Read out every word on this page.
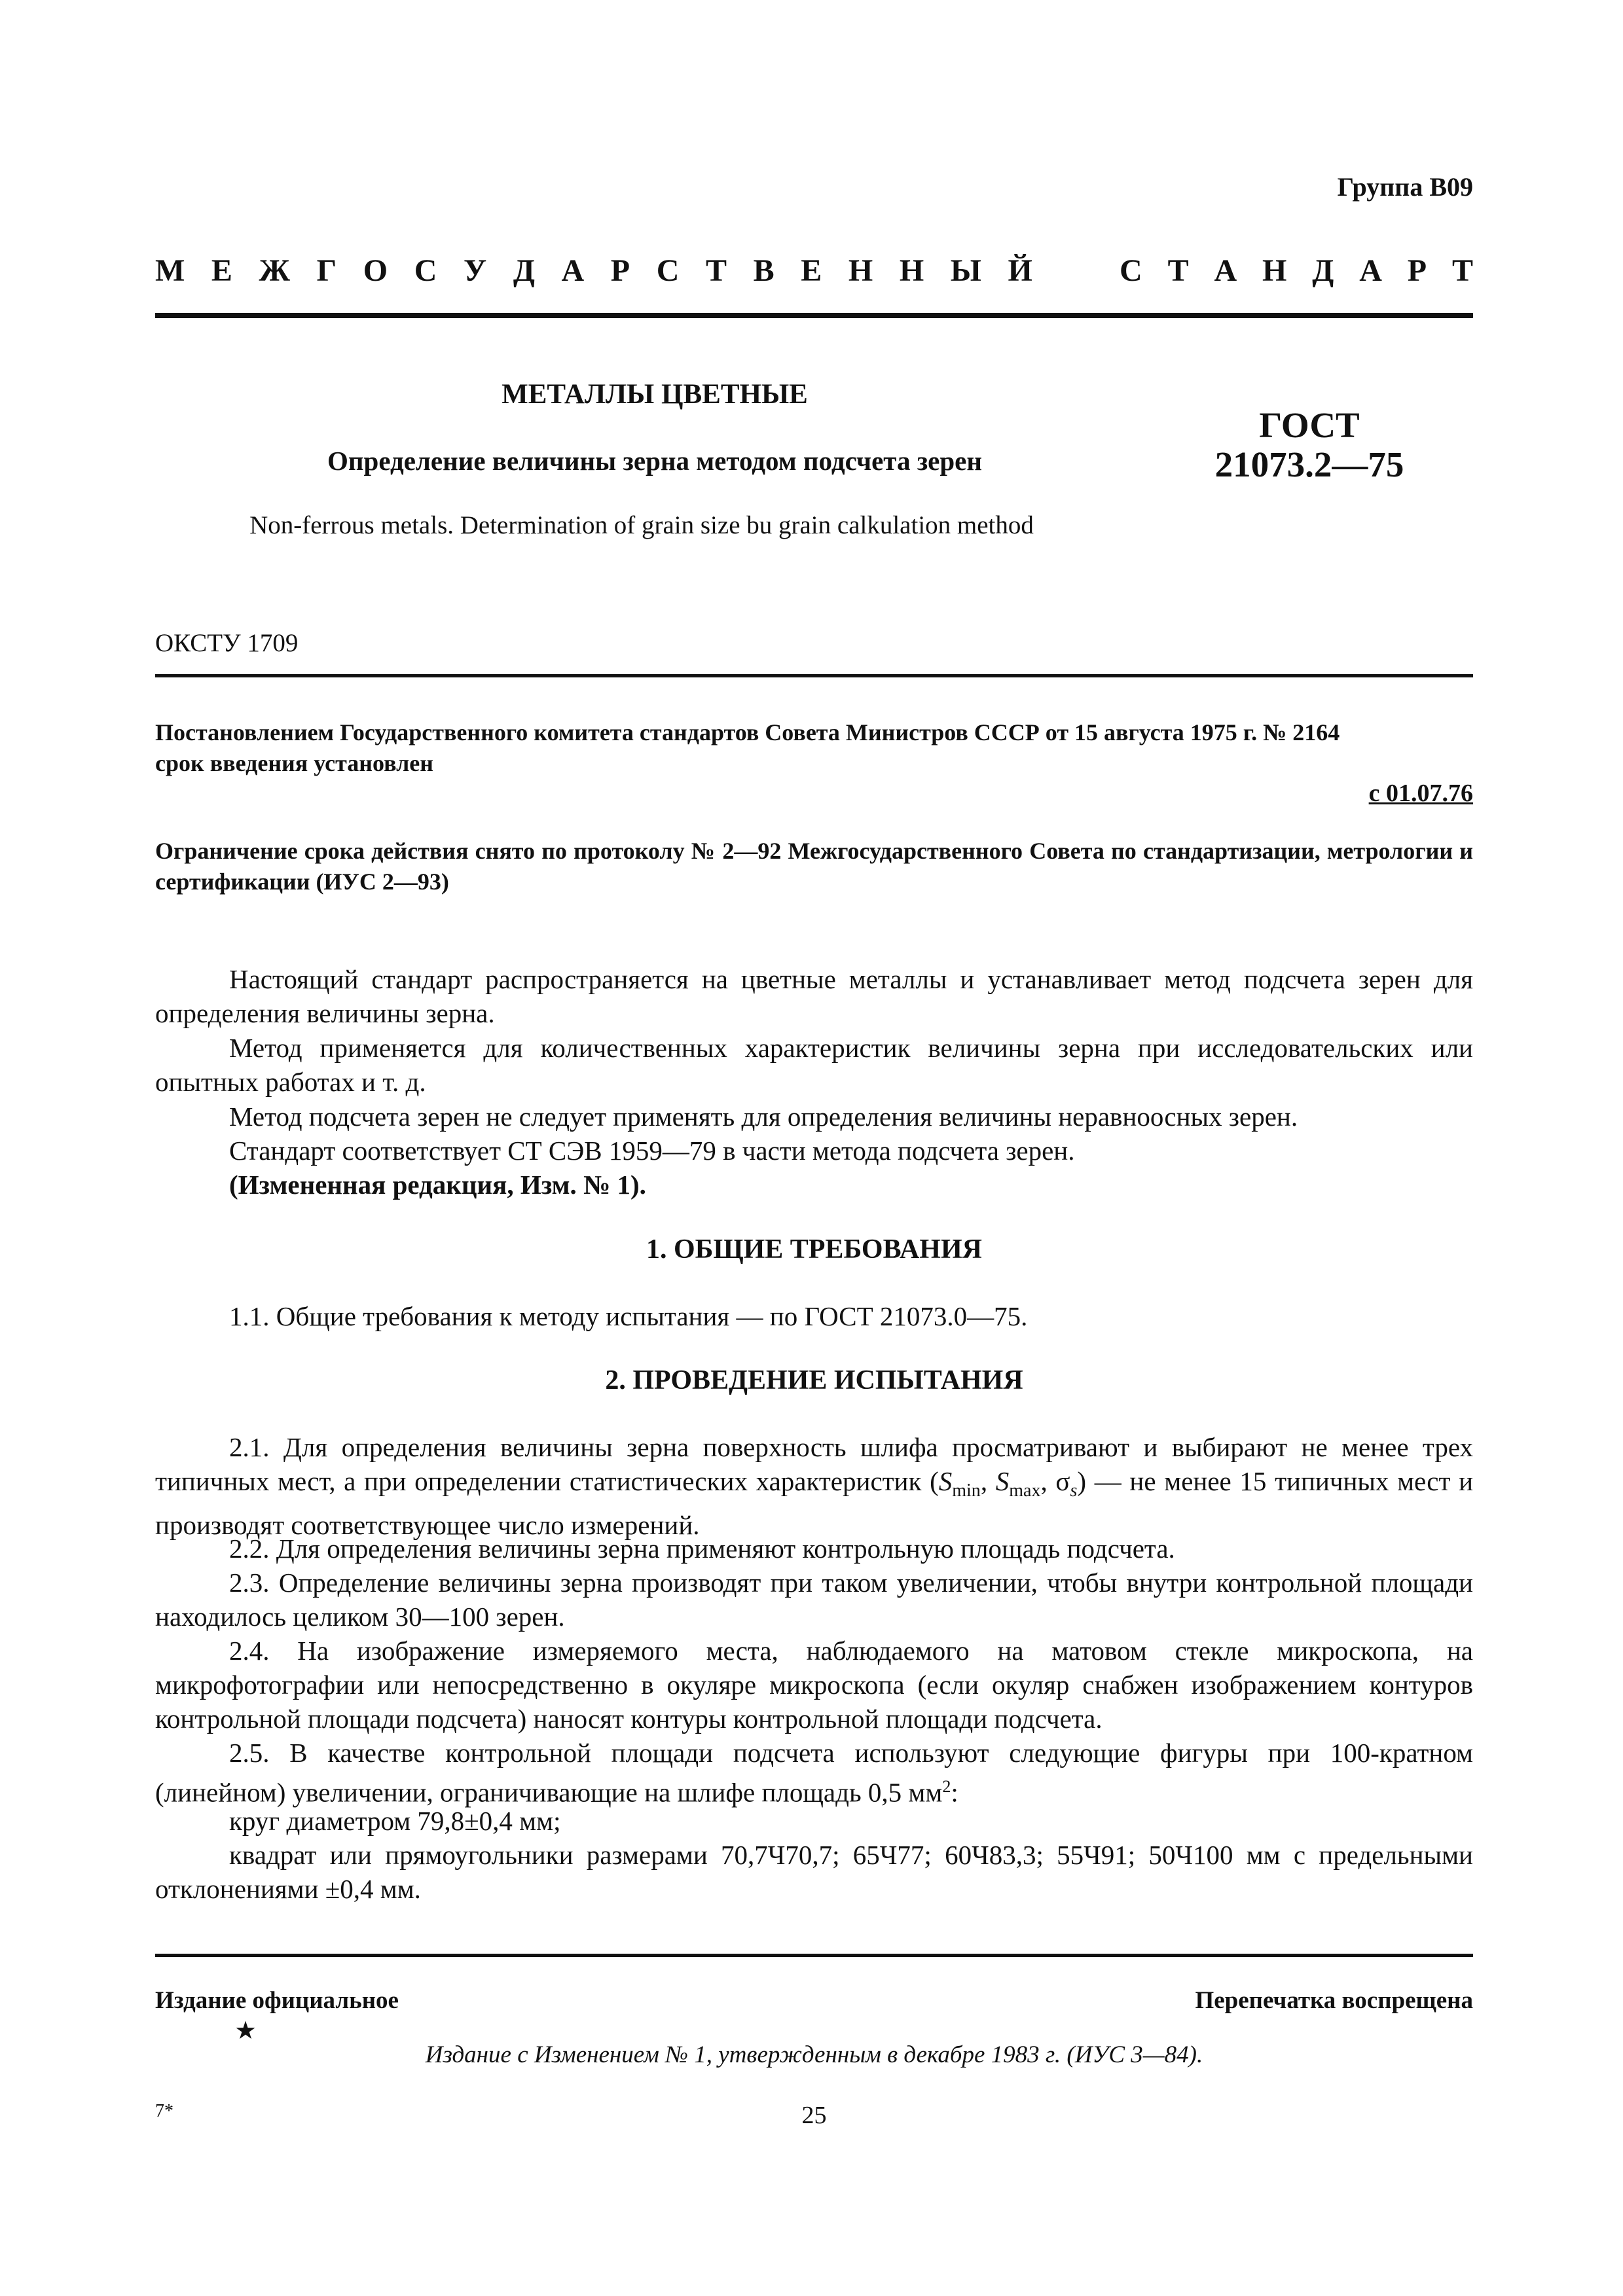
Группа В09
М Е Ж Г О С У Д А Р С Т В Е Н Н Ы Й	С Т А Н Д А Р Т
МЕТАЛЛЫ ЦВЕТНЫЕ
Определение величины зерна методом подсчета зерен
Non-ferrous metals. Determination of grain size bu grain calkulation method
ГОСТ
21073.2—75
ОКСТУ 1709
Постановлением Государственного комитета стандартов Совета Министров СССР от 15 августа 1975 г. № 2164
срок введения установлен
с 01.07.76
Ограничение срока действия снято по протоколу № 2—92 Межгосударственного Совета по стандартизации, метрологии и сертификации (ИУС 2—93)
Настоящий стандарт распространяется на цветные металлы и устанавливает метод подсчета зерен для определения величины зерна.
Метод применяется для количественных характеристик величины зерна при исследовательских или опытных работах и т. д.
Метод подсчета зерен не следует применять для определения величины неравноосных зерен.
Стандарт соответствует СТ СЭВ 1959—79 в части метода подсчета зерен.
(Измененная редакция, Изм. № 1).
1. ОБЩИЕ ТРЕБОВАНИЯ
1.1. Общие требования к методу испытания — по ГОСТ 21073.0—75.
2. ПРОВЕДЕНИЕ ИСПЫТАНИЯ
2.1. Для определения величины зерна поверхность шлифа просматривают и выбирают не менее трех типичных мест, а при определении статистических характеристик ($S_{min}$, $S_{max}$, $\sigma_s$) — не менее 15 типичных мест и производят соответствующее число измерений.
2.2. Для определения величины зерна применяют контрольную площадь подсчета.
2.3. Определение величины зерна производят при таком увеличении, чтобы внутри контрольной площади находилось целиком 30—100 зерен.
2.4. На изображение измеряемого места, наблюдаемого на матовом стекле микроскопа, на микрофотографии или непосредственно в окуляре микроскопа (если окуляр снабжен изображением контуров контрольной площади подсчета) наносят контуры контрольной площади подсчета.
2.5. В качестве контрольной площади подсчета используют следующие фигуры при 100-кратном (линейном) увеличении, ограничивающие на шлифе площадь 0,5 $мм^2$:
круг диаметром 79,8±0,4 мм;
квадрат или прямоугольники размерами 70,7Ч70,7; 65Ч77; 60Ч83,3; 55Ч91; 50Ч100 мм с предельными отклонениями ±0,4 мм.
Издание официальное	Перепечатка воспрещена
★
Издание с Изменением № 1, утвержденным в декабре 1983 г. (ИУС 3—84).
7*	25
